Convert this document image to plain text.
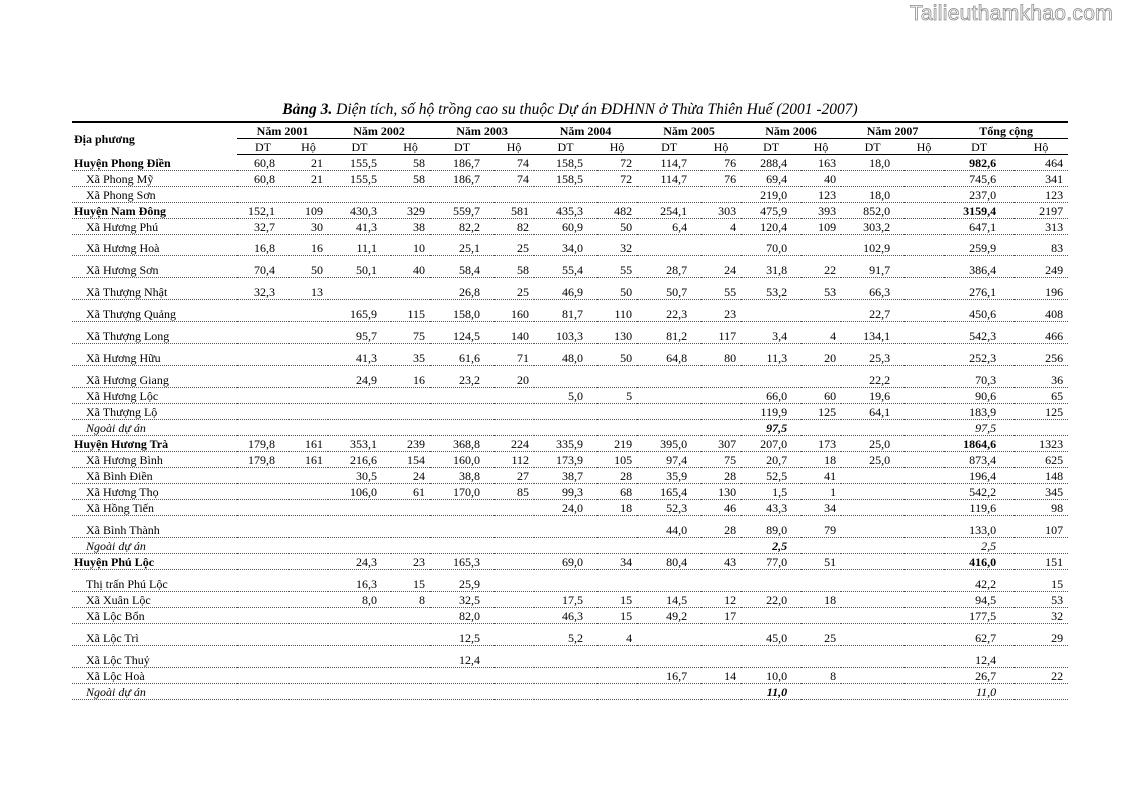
Tailieuthamkhao.com
Bảng 3. Diện tích, số hộ trồng cao su thuộc Dự án ĐDHNN ở Thừa Thiên Huế (2001 -2007)
Địa phương	Năm 2001		Năm 2002		Năm 2003		Năm 2004		Năm 2005		Năm 2006		Năm 2007		Tổng cộng	
	DT	Hộ	DT	Hộ	DT	Hộ	DT	Hộ	DT	Hộ	DT	Hộ	DT	Hộ	DT	Hộ
Huyện Phong Điền	60,8	21	155,5	58	186,7	74	158,5	72	114,7	76	288,4	163	18,0		982,6	464
Xã Phong Mỹ	60,8	21	155,5	58	186,7	74	158,5	72	114,7	76	69,4	40			745,6	341
Xã Phong Sơn											219,0	123	18,0		237,0	123
Huyện Nam Đông	152,1	109	430,3	329	559,7	581	435,3	482	254,1	303	475,9	393	852,0		3159,4	2197
Xã Hương Phú	32,7	30	41,3	38	82,2	82	60,9	50	6,4	4	120,4	109	303,2		647,1	313
Xã Hương Hoà	16,8	16	11,1	10	25,1	25	34,0	32			70,0		102,9		259,9	83
Xã Hương Sơn	70,4	50	50,1	40	58,4	58	55,4	55	28,7	24	31,8	22	91,7		386,4	249
Xã Thượng Nhật	32,3	13			26,8	25	46,9	50	50,7	55	53,2	53	66,3		276,1	196
Xã Thượng Quảng			165,9	115	158,0	160	81,7	110	22,3	23			22,7		450,6	408
Xã Thượng Long			95,7	75	124,5	140	103,3	130	81,2	117	3,4	4	134,1		542,3	466
Xã Hương Hữu			41,3	35	61,6	71	48,0	50	64,8	80	11,3	20	25,3		252,3	256
Xã Hương Giang			24,9	16	23,2	20							22,2		70,3	36
Xã Hương Lộc							5,0	5			66,0	60	19,6		90,6	65
Xã Thượng Lộ											119,9	125	64,1		183,9	125
Ngoài dự án											97,5				97,5	
Huyện Hương Trà	179,8	161	353,1	239	368,8	224	335,9	219	395,0	307	207,0	173	25,0		1864,6	1323
Xã Hương Bình	179,8	161	216,6	154	160,0	112	173,9	105	97,4	75	20,7	18	25,0		873,4	625
Xã Bình Điền			30,5	24	38,8	27	38,7	28	35,9	28	52,5	41			196,4	148
Xã Hương Thọ			106,0	61	170,0	85	99,3	68	165,4	130	1,5	1			542,2	345
Xã Hồng Tiến							24,0	18	52,3	46	43,3	34			119,6	98
Xã Bình Thành									44,0	28	89,0	79			133,0	107
Ngoài dự án											2,5				2,5	
Huyện Phú Lộc			24,3	23	165,3		69,0	34	80,4	43	77,0	51			416,0	151
Thị trấn Phú Lộc			16,3	15	25,9										42,2	15
Xã Xuân Lộc			8,0	8	32,5		17,5	15	14,5	12	22,0	18			94,5	53
Xã Lộc Bổn					82,0		46,3	15	49,2	17					177,5	32
Xã Lộc Trì					12,5		5,2	4			45,0	25			62,7	29
Xã Lộc Thuỷ					12,4										12,4	
Xã Lộc Hoà									16,7	14	10,0	8			26,7	22
Ngoài dự án											11,0				11,0	
